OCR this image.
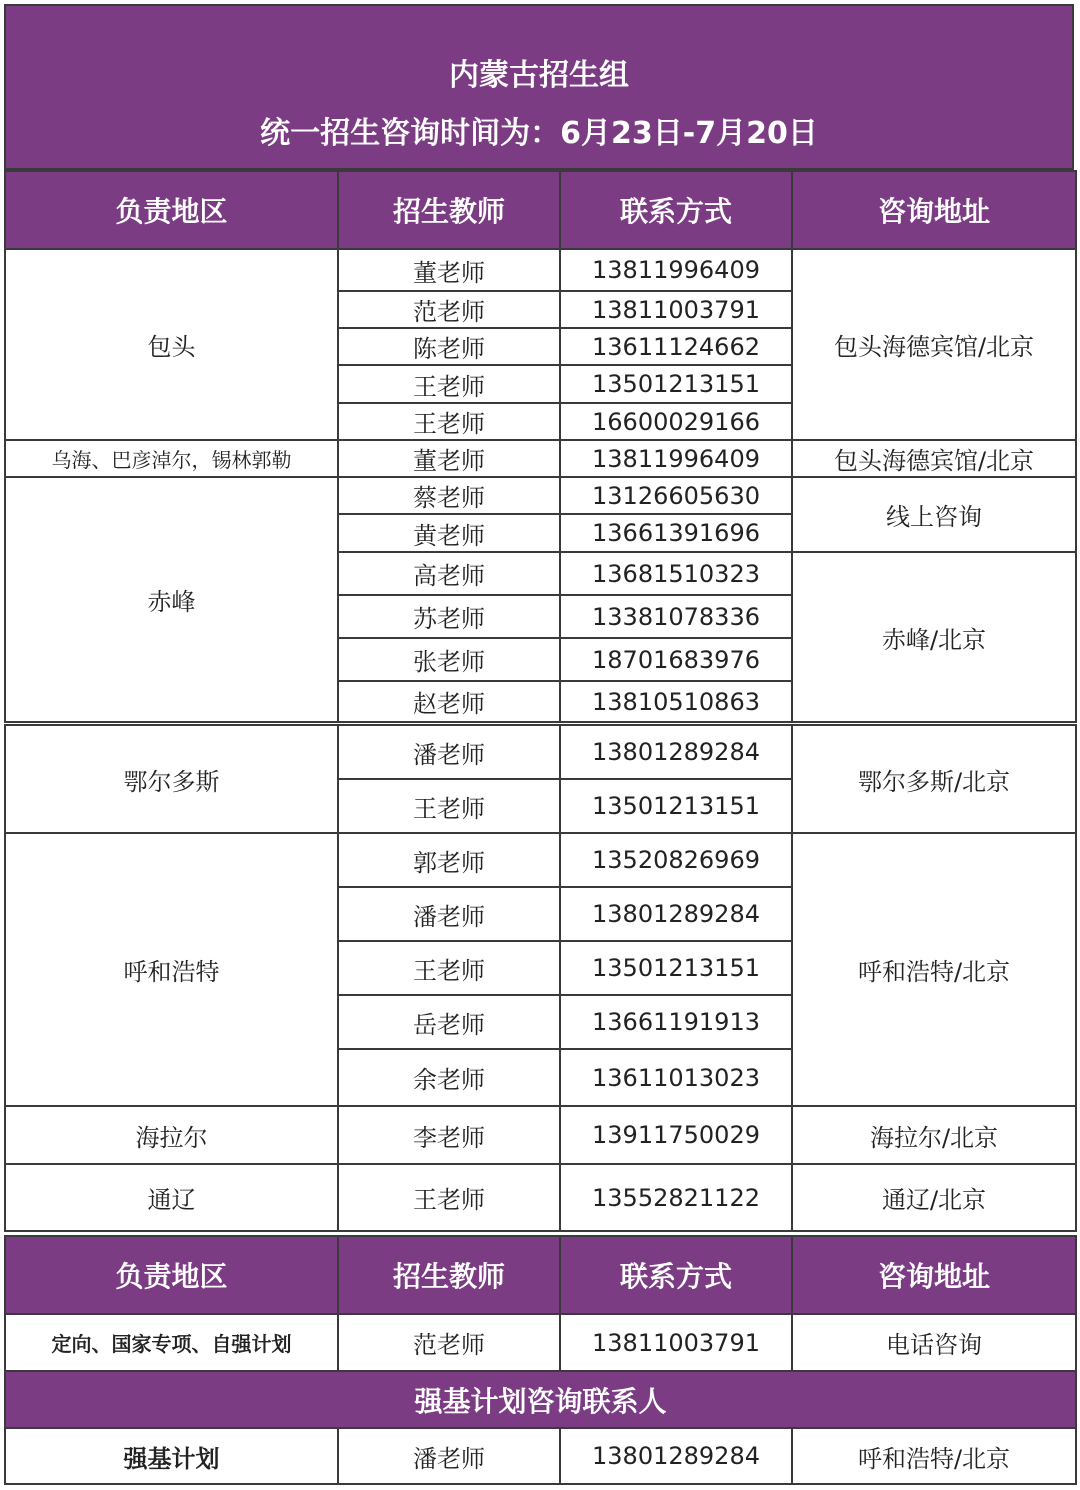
内蒙古招生组
统一招生咨询时间为：6月23日-7月20日
负责地区	招生教师	联系方式	咨询地址
包头	董老师	13811996409	包头海德宾馆/北京
	范老师	13811003791	
	陈老师	13611124662	
	王老师	13501213151	
	王老师	16600029166	
乌海、巴彦淖尔，锡林郭勒	董老师	13811996409	包头海德宾馆/北京
赤峰	蔡老师	13126605630	线上咨询
	黄老师	13661391696	
	高老师	13681510323	赤峰/北京
	苏老师	13381078336	
	张老师	18701683976	
	赵老师	13810510863	
鄂尔多斯	潘老师	13801289284	鄂尔多斯/北京
	王老师	13501213151	
呼和浩特	郭老师	13520826969	呼和浩特/北京
	潘老师	13801289284	
	王老师	13501213151	
	岳老师	13661191913	
	余老师	13611013023	
海拉尔	李老师	13911750029	海拉尔/北京
通辽	王老师	13552821122	通辽/北京
负责地区	招生教师	联系方式	咨询地址
定向、国家专项、自强计划	范老师	13811003791	电话咨询
强基计划咨询联系人			
强基计划	潘老师	13801289284	呼和浩特/北京
